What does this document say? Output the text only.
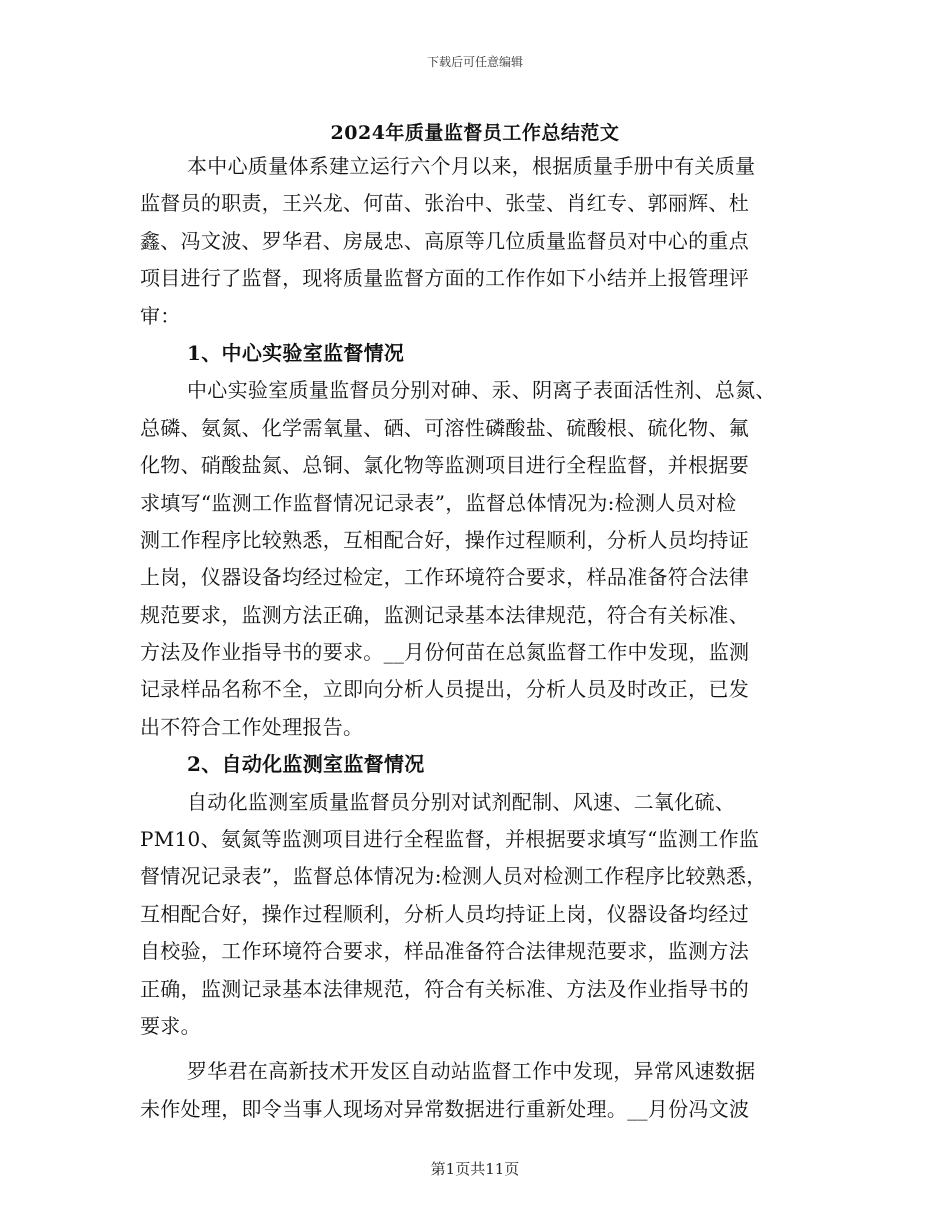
下载后可任意编辑
2024年质量监督员工作总结范文
本中心质量体系建立运行六个月以来，根据质量手册中有关质量
监督员的职责，王兴龙、何苗、张治中、张莹、肖红专、郭丽辉、杜
鑫、冯文波、罗华君、房晟忠、高原等几位质量监督员对中心的重点
项目进行了监督，现将质量监督方面的工作作如下小结并上报管理评
审：
1、中心实验室监督情况
中心实验室质量监督员分别对砷、汞、阴离子表面活性剂、总氮、
总磷、氨氮、化学需氧量、硒、可溶性磷酸盐、硫酸根、硫化物、氟
化物、硝酸盐氮、总铜、氯化物等监测项目进行全程监督，并根据要
求填写“监测工作监督情况记录表”，监督总体情况为:检测人员对检
测工作程序比较熟悉，互相配合好，操作过程顺利，分析人员均持证
上岗，仪器设备均经过检定，工作环境符合要求，样品准备符合法律
规范要求，监测方法正确，监测记录基本法律规范，符合有关标准、
方法及作业指导书的要求。__月份何苗在总氮监督工作中发现，监测
记录样品名称不全，立即向分析人员提出，分析人员及时改正，已发
出不符合工作处理报告。
2、自动化监测室监督情况
自动化监测室质量监督员分别对试剂配制、风速、二氧化硫、
PM10、氨氮等监测项目进行全程监督，并根据要求填写“监测工作监
督情况记录表”，监督总体情况为:检测人员对检测工作程序比较熟悉，
互相配合好，操作过程顺利，分析人员均持证上岗，仪器设备均经过
自校验，工作环境符合要求，样品准备符合法律规范要求，监测方法
正确，监测记录基本法律规范，符合有关标准、方法及作业指导书的
要求。
罗华君在高新技术开发区自动站监督工作中发现，异常风速数据
未作处理，即令当事人现场对异常数据进行重新处理。__月份冯文波
第1页共11页
